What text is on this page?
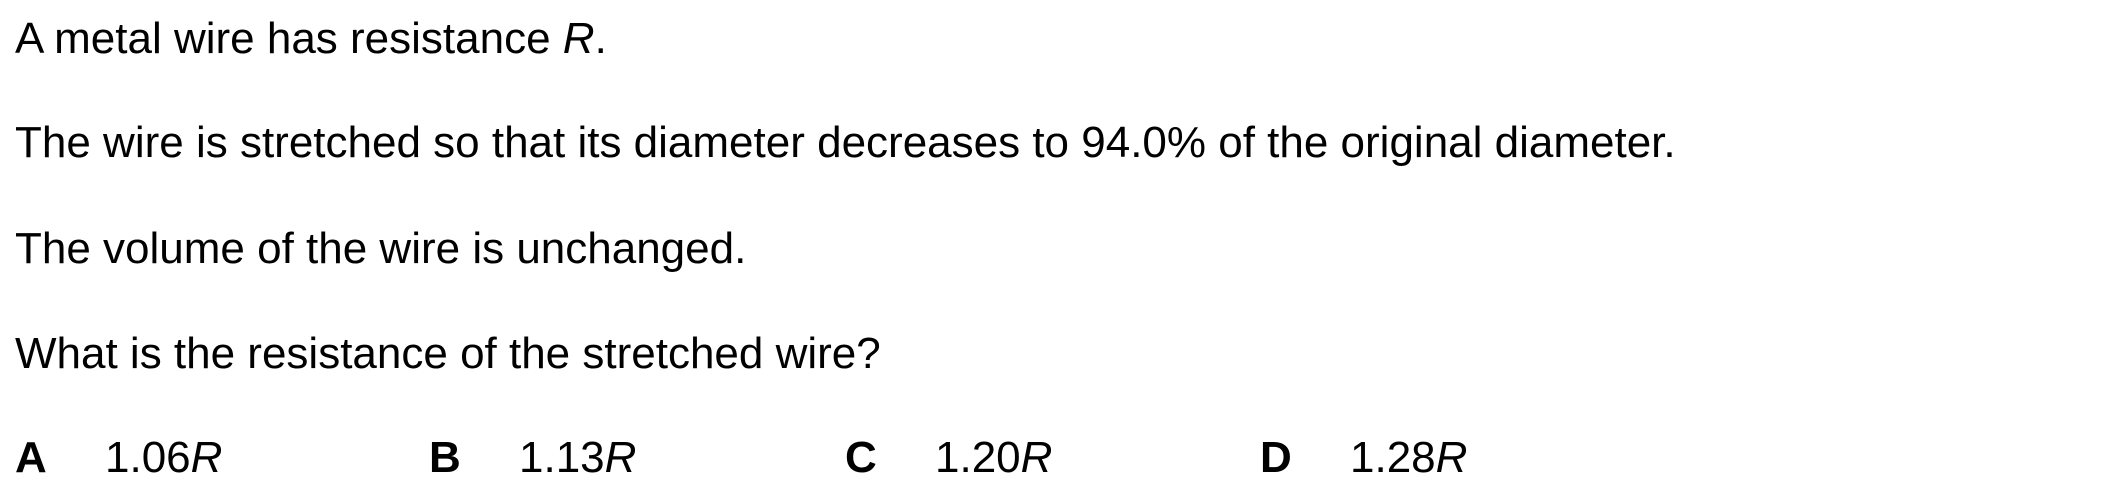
A metal wire has resistance R.
The wire is stretched so that its diameter decreases to 94.0% of the original diameter.
The volume of the wire is unchanged.
What is the resistance of the stretched wire?
A 1.06R	B 1.13R	C 1.20R	D 1.28R
